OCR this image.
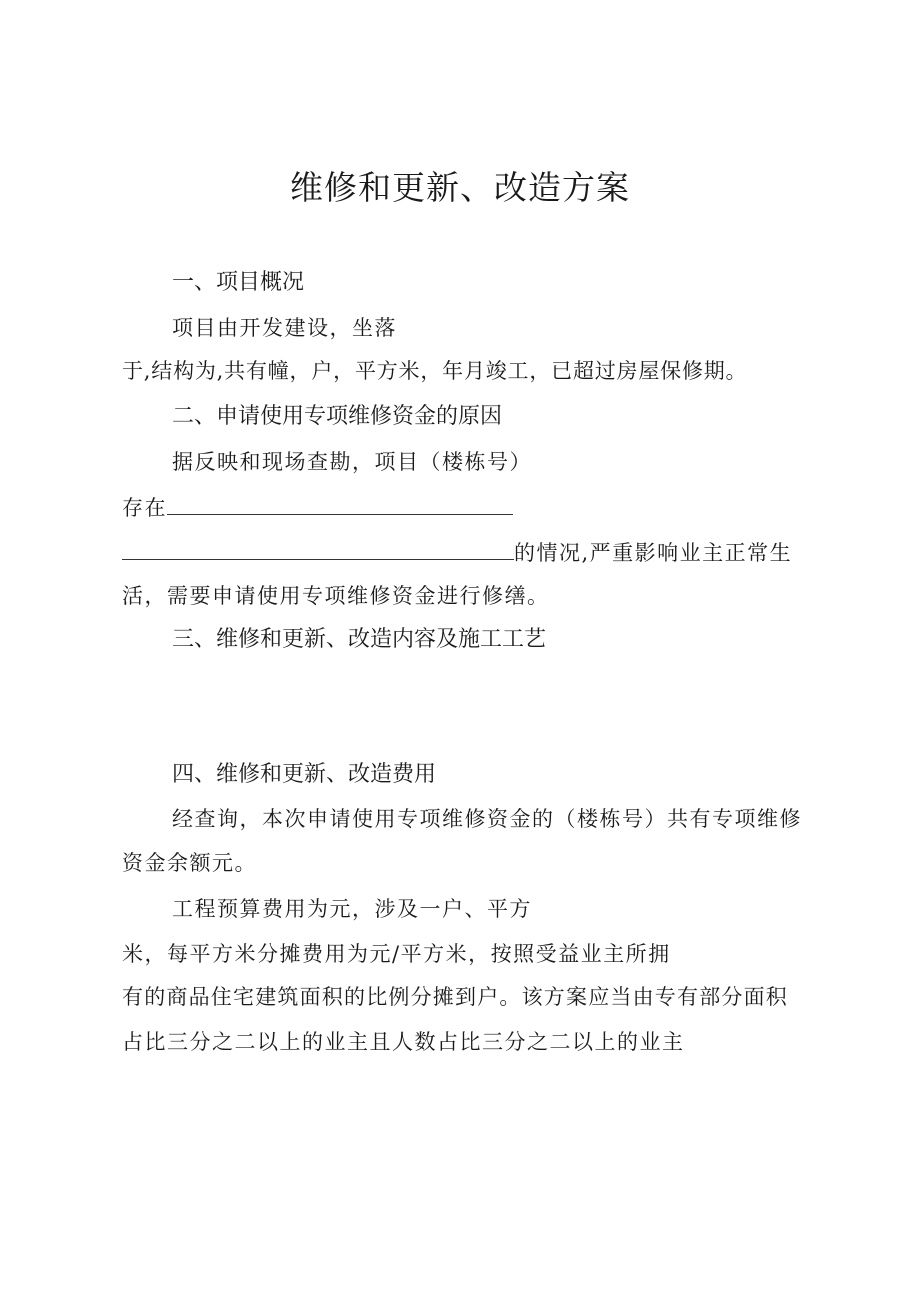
维修和更新、改造方案
一、项目概况

项目由开发建设，坐落

于,结构为,共有幢，户，平方米，年月竣工，已超过房屋保修期。

二、申请使用专项维修资金的原因

据反映和现场查勘，项目（楼栋号）

存在

的情况,严重影响业主正常生

活，需要申请使用专项维修资金进行修缮。

三、维修和更新、改造内容及施工工艺
四、维修和更新、改造费用

经查询，本次申请使用专项维修资金的（楼栋号）共有专项维修

资金余额元。

工程预算费用为元，涉及一户、平方

米，每平方米分摊费用为元/平方米，按照受益业主所拥

有的商品住宅建筑面积的比例分摊到户。该方案应当由专有部分面积

占比三分之二以上的业主且人数占比三分之二以上的业主
